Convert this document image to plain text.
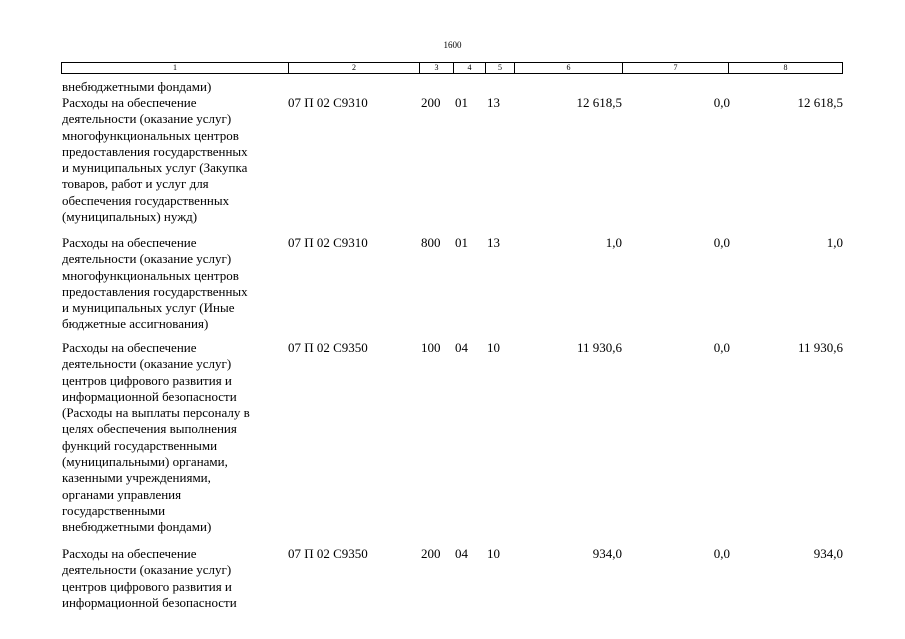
1600
1	2	3	4	5	6	7	8
внебюджетными фондами)
Расходы на обеспечение
деятельности (оказание услуг)
многофункциональных центров
предоставления государственных
и муниципальных услуг (Закупка
товаров, работ и услуг для
обеспечения государственных
(муниципальных) нужд)
07 П 02 С9310	200 01 13	12 618,5	0,0	12 618,5
Расходы на обеспечение
деятельности (оказание услуг)
многофункциональных центров
предоставления государственных
и муниципальных услуг (Иные
бюджетные ассигнования)
07 П 02 С9310	800 01 13	1,0	0,0	1,0
Расходы на обеспечение
деятельности (оказание услуг)
центров цифрового развития и
информационной безопасности
(Расходы на выплаты персоналу в
целях обеспечения выполнения
функций государственными
(муниципальными) органами,
казенными учреждениями,
органами управления
государственными
внебюджетными фондами)
07 П 02 С9350	100 04 10	11 930,6	0,0	11 930,6
Расходы на обеспечение
деятельности (оказание услуг)
центров цифрового развития и
информационной безопасности
07 П 02 С9350	200 04 10	934,0	0,0	934,0
